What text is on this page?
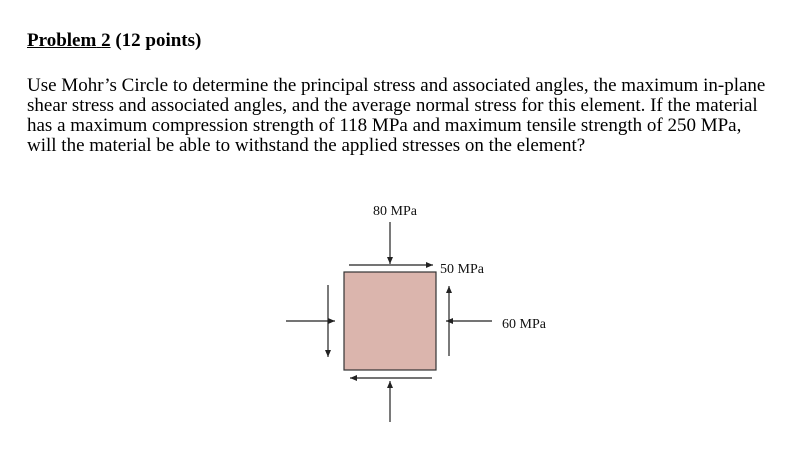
Problem 2 (12 points)
Use Mohr’s Circle to determine the principal stress and associated angles, the maximum in-plane
shear stress and associated angles, and the average normal stress for this element. If the material
has a maximum compression strength of 118 MPa and maximum tensile strength of 250 MPa,
will the material be able to withstand the applied stresses on the element?
80 MPa
50 MPa
60 MPa
